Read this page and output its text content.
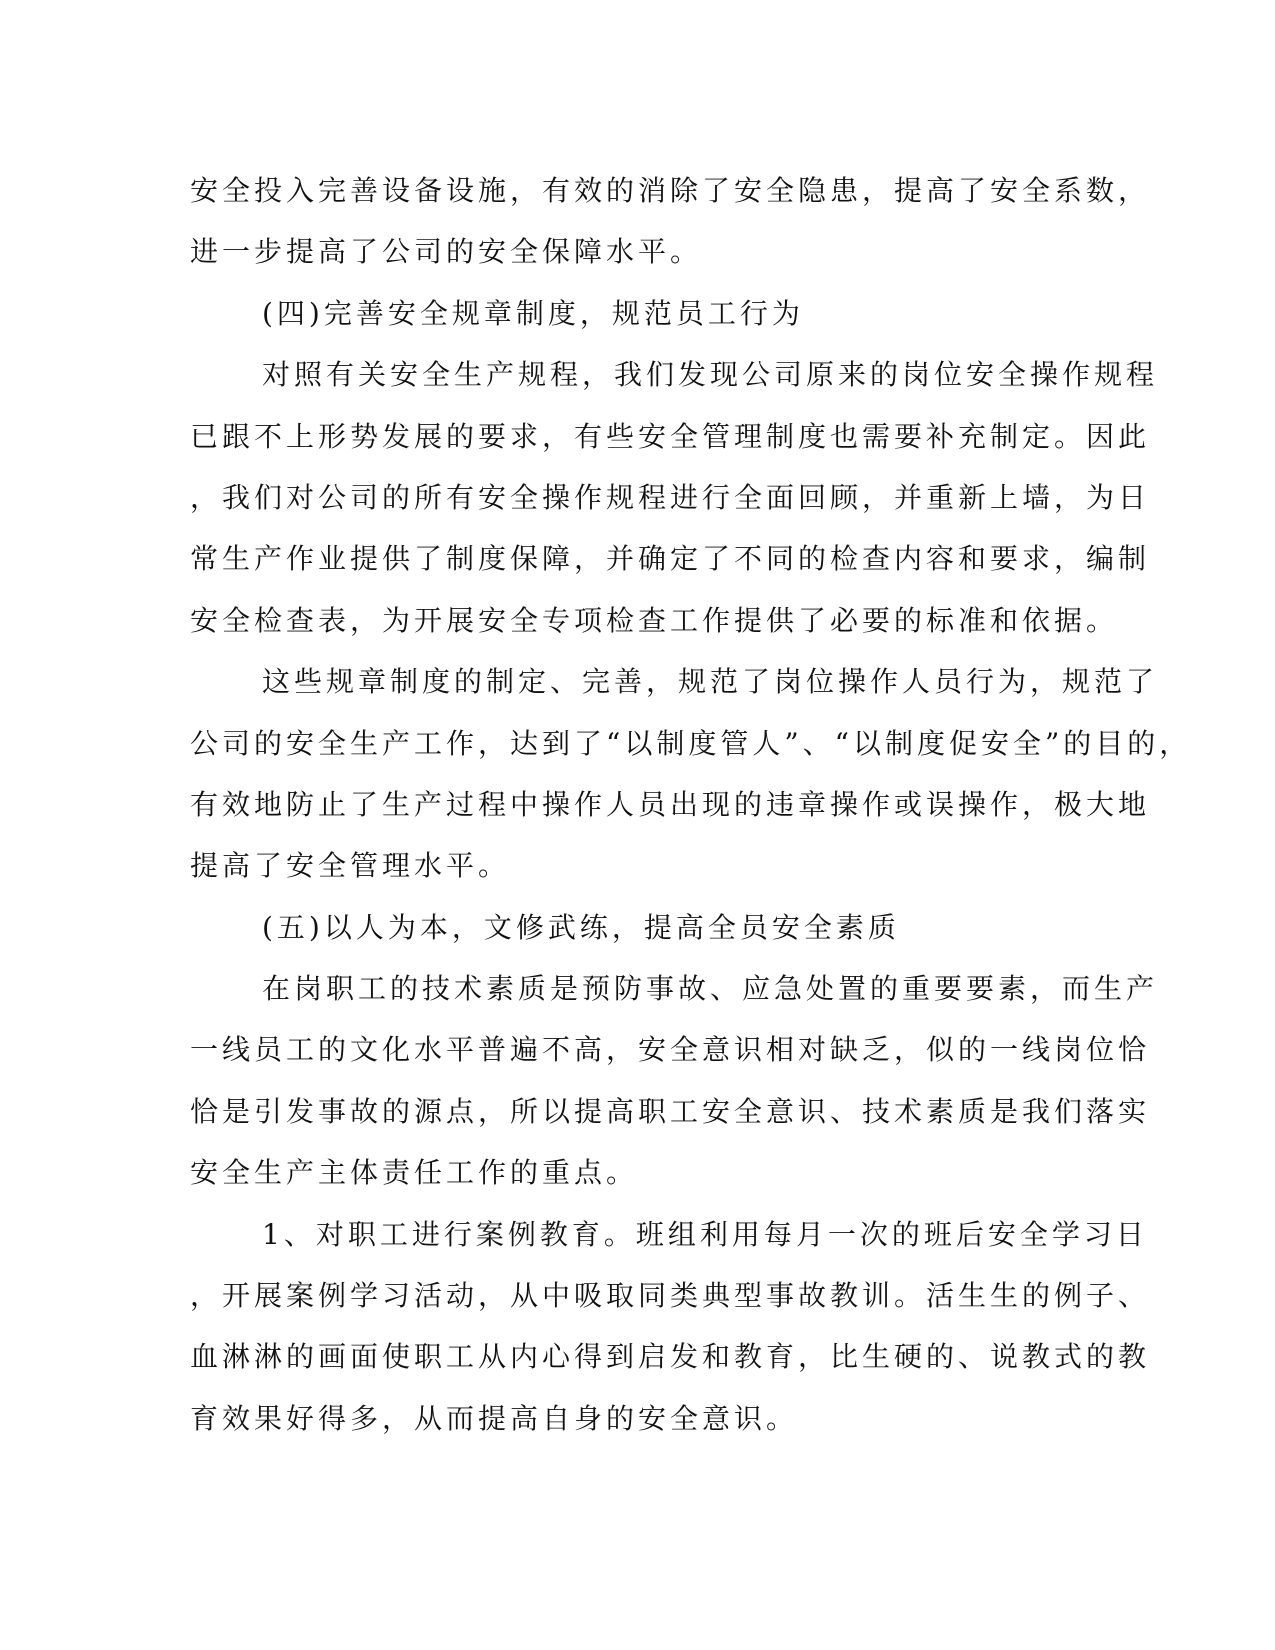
安全投入完善设备设施，有效的消除了安全隐患，提高了安全系数，
进一步提高了公司的安全保障水平。
(四)完善安全规章制度，规范员工行为
对照有关安全生产规程，我们发现公司原来的岗位安全操作规程
已跟不上形势发展的要求，有些安全管理制度也需要补充制定。因此
，我们对公司的所有安全操作规程进行全面回顾，并重新上墙，为日
常生产作业提供了制度保障，并确定了不同的检查内容和要求，编制
安全检查表，为开展安全专项检查工作提供了必要的标准和依据。
这些规章制度的制定、完善，规范了岗位操作人员行为，规范了
公司的安全生产工作，达到了“以制度管人”、“以制度促安全”的目的，
有效地防止了生产过程中操作人员出现的违章操作或误操作，极大地
提高了安全管理水平。
(五)以人为本，文修武练，提高全员安全素质
在岗职工的技术素质是预防事故、应急处置的重要要素，而生产
一线员工的文化水平普遍不高，安全意识相对缺乏，似的一线岗位恰
恰是引发事故的源点，所以提高职工安全意识、技术素质是我们落实
安全生产主体责任工作的重点。
1、对职工进行案例教育。班组利用每月一次的班后安全学习日
，开展案例学习活动，从中吸取同类典型事故教训。活生生的例子、
血淋淋的画面使职工从内心得到启发和教育，比生硬的、说教式的教
育效果好得多，从而提高自身的安全意识。
